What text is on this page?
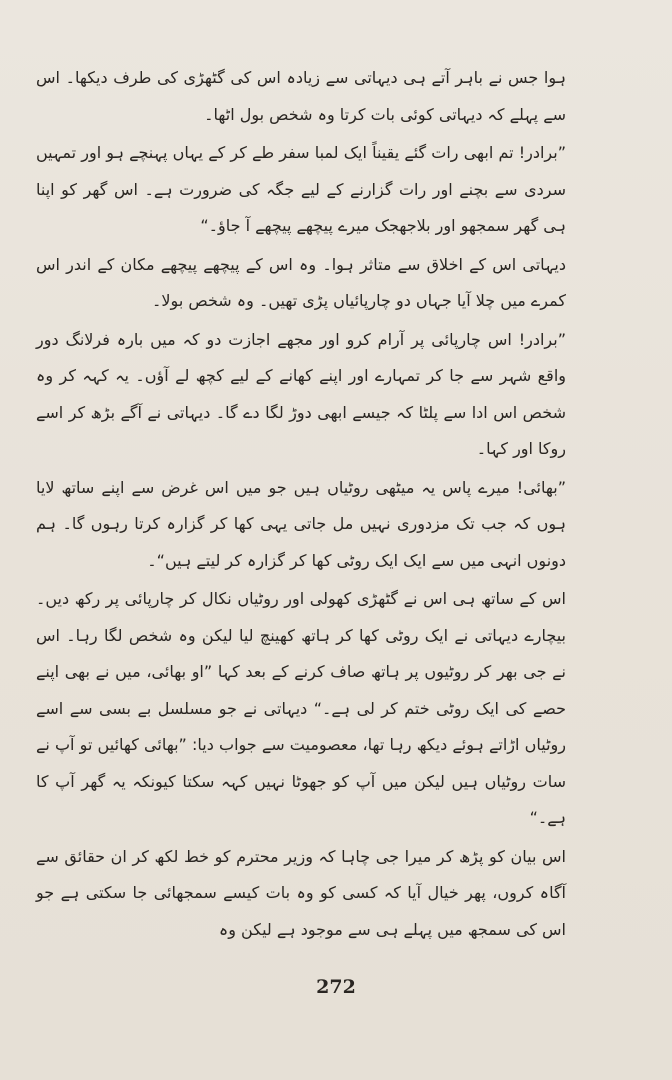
ہوا جس نے باہر آتے ہی دیہاتی سے زیادہ اس کی گٹھڑی کی طرف دیکھا۔ اس سے پہلے کہ دیہاتی کوئی بات کرتا وہ شخص بول اٹھا۔

”برادر! تم ابھی رات گئے یقیناً ایک لمبا سفر طے کر کے یہاں پہنچے ہو اور تمہیں سردی سے بچنے اور رات گزارنے کے لیے جگہ کی ضرورت ہے۔ اس گھر کو اپنا ہی گھر سمجھو اور بلاجھجک میرے پیچھے پیچھے آ جاؤ۔“

دیہاتی اس کے اخلاق سے متاثر ہوا۔ وہ اس کے پیچھے پیچھے مکان کے اندر اس کمرے میں چلا آیا جہاں دو چارپائیاں پڑی تھیں۔ وہ شخص بولا۔

”برادر! اس چارپائی پر آرام کرو اور مجھے اجازت دو کہ میں بارہ فرلانگ دور واقع شہر سے جا کر تمہارے اور اپنے کھانے کے لیے کچھ لے آؤں۔ یہ کہہ کر وہ شخص اس ادا سے پلٹا کہ جیسے ابھی دوڑ لگا دے گا۔ دیہاتی نے آگے بڑھ کر اسے روکا اور کہا۔

”بھائی! میرے پاس یہ میٹھی روٹیاں ہیں جو میں اس غرض سے اپنے ساتھ لایا ہوں کہ جب تک مزدوری نہیں مل جاتی یہی کھا کر گزارہ کرتا رہوں گا۔ ہم دونوں انہی میں سے ایک ایک روٹی کھا کر گزارہ کر لیتے ہیں“۔

اس کے ساتھ ہی اس نے گٹھڑی کھولی اور روٹیاں نکال کر چارپائی پر رکھ دیں۔ بیچارے دیہاتی نے ایک روٹی کھا کر ہاتھ کھینچ لیا لیکن وہ شخص لگا رہا۔ اس نے جی بھر کر روٹیوں پر ہاتھ صاف کرنے کے بعد کہا ”او بھائی، میں نے بھی اپنے حصے کی ایک روٹی ختم کر لی ہے۔“ دیہاتی نے جو مسلسل بے بسی سے اسے روٹیاں اڑاتے ہوئے دیکھ رہا تھا، معصومیت سے جواب دیا: ”بھائی کھائیں تو آپ نے سات روٹیاں ہیں لیکن میں آپ کو جھوٹا نہیں کہہ سکتا کیونکہ یہ گھر آپ کا ہے۔“

اس بیان کو پڑھ کر میرا جی چاہا کہ وزیر محترم کو خط لکھ کر ان حقائق سے آگاہ کروں، پھر خیال آیا کہ کسی کو وہ بات کیسے سمجھائی جا سکتی ہے جو اس کی سمجھ میں پہلے ہی سے موجود ہے لیکن وہ

272
